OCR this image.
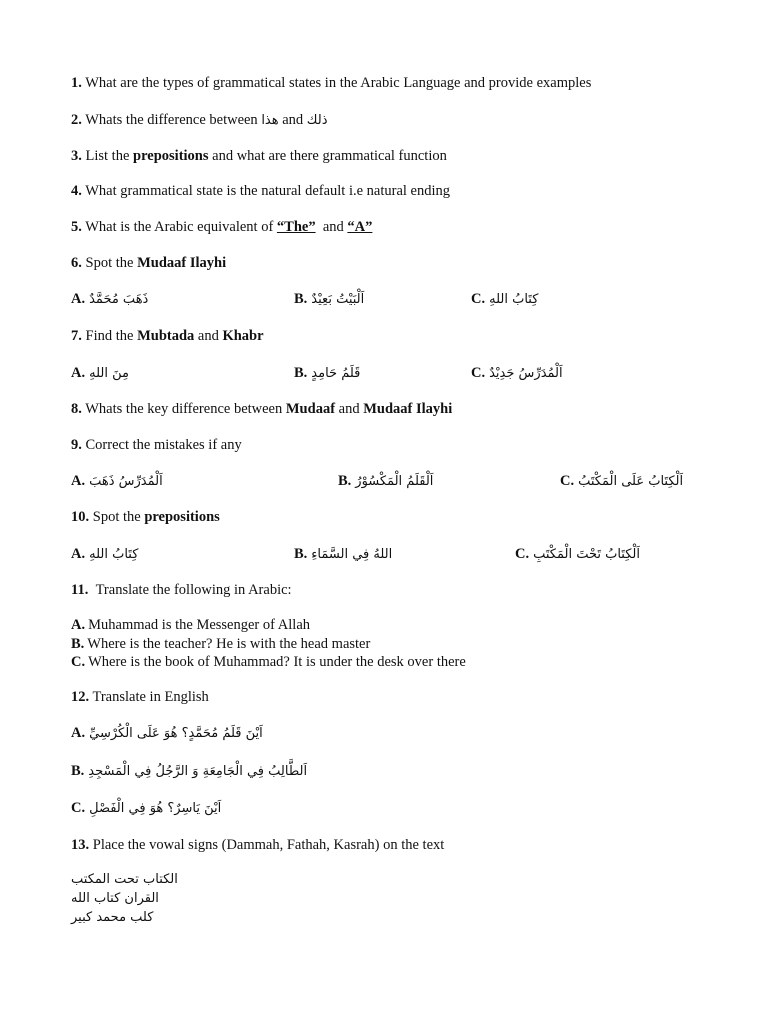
1. What are the types of grammatical states in the Arabic Language and provide examples
2. Whats the difference between هذا and ذلك
3. List the prepositions and what are there grammatical function
4. What grammatical state is the natural default i.e natural ending
5. What is the Arabic equivalent of “The” and “A”
6. Spot the Mudaaf Ilayhi
A. ذَهَبَ مُحَمَّدٌ	B. اَلْبَيْتُ بَعِيْدٌ	C. كِتَابُ اللهِ
7. Find the Mubtada and Khabr
A. مِنَ اللهِ	B. قَلَمُ حَامِدٍ	C. اَلْمُدَرِّسُ جَدِيْدٌ
8. Whats the key difference between Mudaaf and Mudaaf Ilayhi
9. Correct the mistakes if any
A. اَلْمُدَرِّسُ ذَهَبَ	B. اَلْقَلَمُ الْمَكْسُوْرُ	C. اَلْكِتَابُ عَلَى الْمَكْتَبُ
10. Spot the prepositions
A. كِتَابُ اللهِ	B. اللهُ فِي السَّمَاءِ	C. اَلْكِتَابُ تَحْتَ الْمَكْتَبِ
11. Translate the following in Arabic:
A. Muhammad is the Messenger of Allah
B. Where is the teacher? He is with the head master
C. Where is the book of Muhammad? It is under the desk over there
12. Translate in English
A. اَيْنَ قَلَمُ مُحَمَّدٍ؟ هُوَ عَلَى الْكُرْسِيِّ
B. اَلطَّالِبُ فِي الْجَامِعَةِ وَ الرَّجُلُ فِي الْمَسْجِدِ
C. اَيْنَ يَاسِرٌ؟ هُوَ فِي الْفَصْلِ
13. Place the vowal signs (Dammah, Fathah, Kasrah) on the text
الكتاب تحت المكتب
القران كتاب الله
كلب محمد كبير
